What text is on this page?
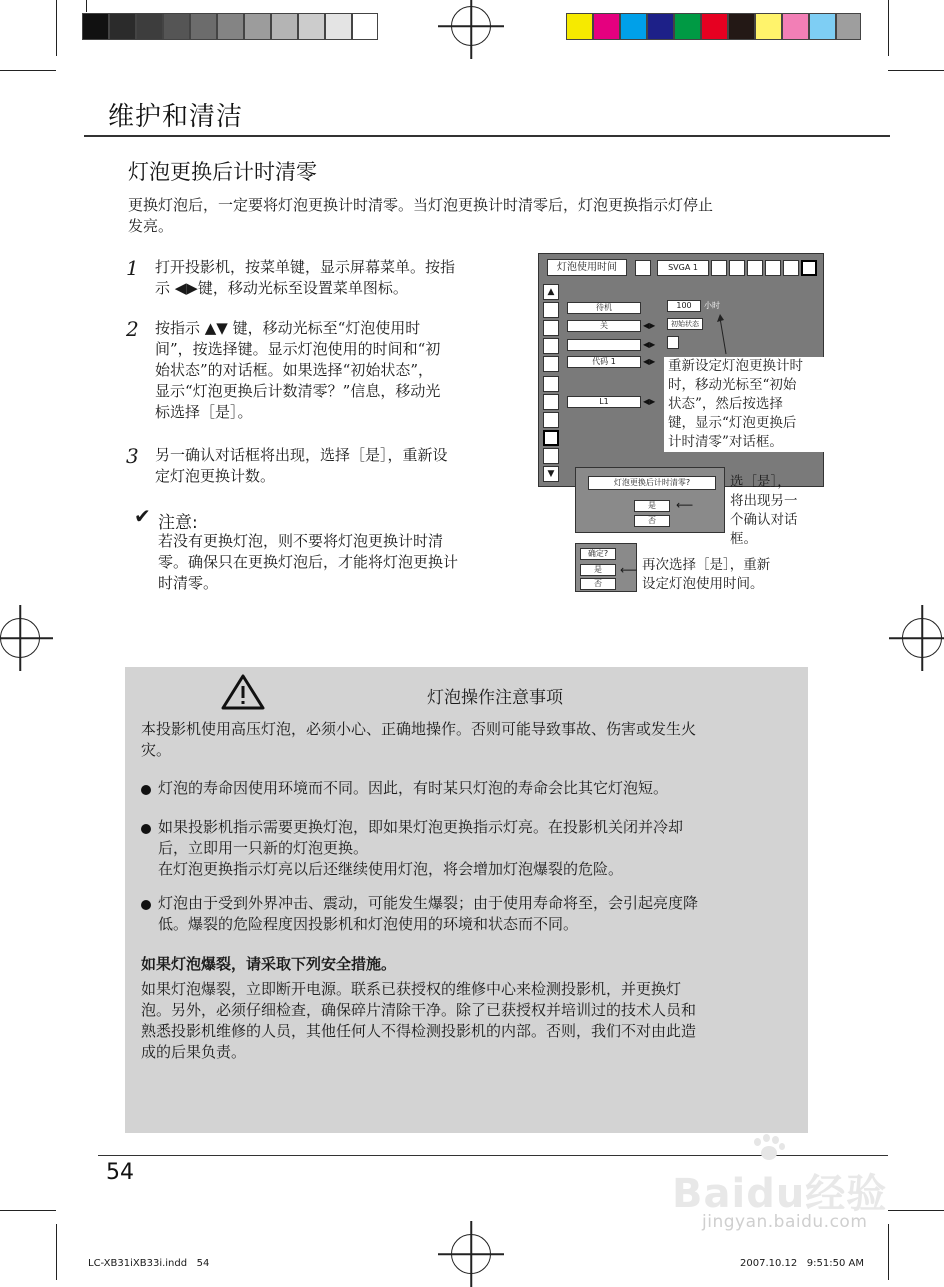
维护和清洁
灯泡更换后计时清零
更换灯泡后，一定要将灯泡更换计时清零。当灯泡更换计时清零后，灯泡更换指示灯停止
发亮。
1 打开投影机，按菜单键，显示屏幕菜单。按指
示 ◀▶键，移动光标至设置菜单图标。
2 按指示 ▲▼ 键，移动光标至“灯泡使用时
间”，按选择键。显示灯泡使用的时间和“初
始状态”的对话框。如果选择“初始状态”，
显示“灯泡更换后计数清零？”信息，移动光
标选择［是］。
3 另一确认对话框将出现，选择［是］，重新设
定灯泡更换计数。
✔ 注意:
若没有更换灯泡，则不要将灯泡更换计时清
零。确保只在更换灯泡后，才能将灯泡更换计
时清零。
灯泡使用时间	SVGA 1
▲
▼
待机
关	◀▶
◀▶
代码 1	◀▶
L1	◀▶
100	小时
初始状态
重新设定灯泡更换计时
时，移动光标至“初始
状态”，然后按选择
键，显示“灯泡更换后
计时清零”对话框。
灯泡更换后计时清零?
是
否
⟵
选［是］，
将出现另一
个确认对话
框。
确定?
是
否
⟵ 再次选择［是］，重新
设定灯泡使用时间。
灯泡操作注意事项
本投影机使用高压灯泡，必须小心、正确地操作。否则可能导致事故、伤害或发生火
灾。
灯泡的寿命因使用环境而不同。因此，有时某只灯泡的寿命会比其它灯泡短。
如果投影机指示需要更换灯泡，即如果灯泡更换指示灯亮。在投影机关闭并冷却
后，立即用一只新的灯泡更换。
在灯泡更换指示灯亮以后还继续使用灯泡，将会增加灯泡爆裂的危险。
灯泡由于受到外界冲击、震动，可能发生爆裂；由于使用寿命将至，会引起亮度降
低。爆裂的危险程度因投影机和灯泡使用的环境和状态而不同。
如果灯泡爆裂，请采取下列安全措施。
如果灯泡爆裂，立即断开电源。联系已获授权的维修中心来检测投影机，并更换灯
泡。另外，必须仔细检查，确保碎片清除干净。除了已获授权并培训过的技术人员和
熟悉投影机维修的人员，其他任何人不得检测投影机的内部。否则，我们不对由此造
成的后果负责。
54	Baidu经验
jingyan.baidu.com
LC-XB31iXB33i.indd   54	2007.10.12   9:51:50 AM
